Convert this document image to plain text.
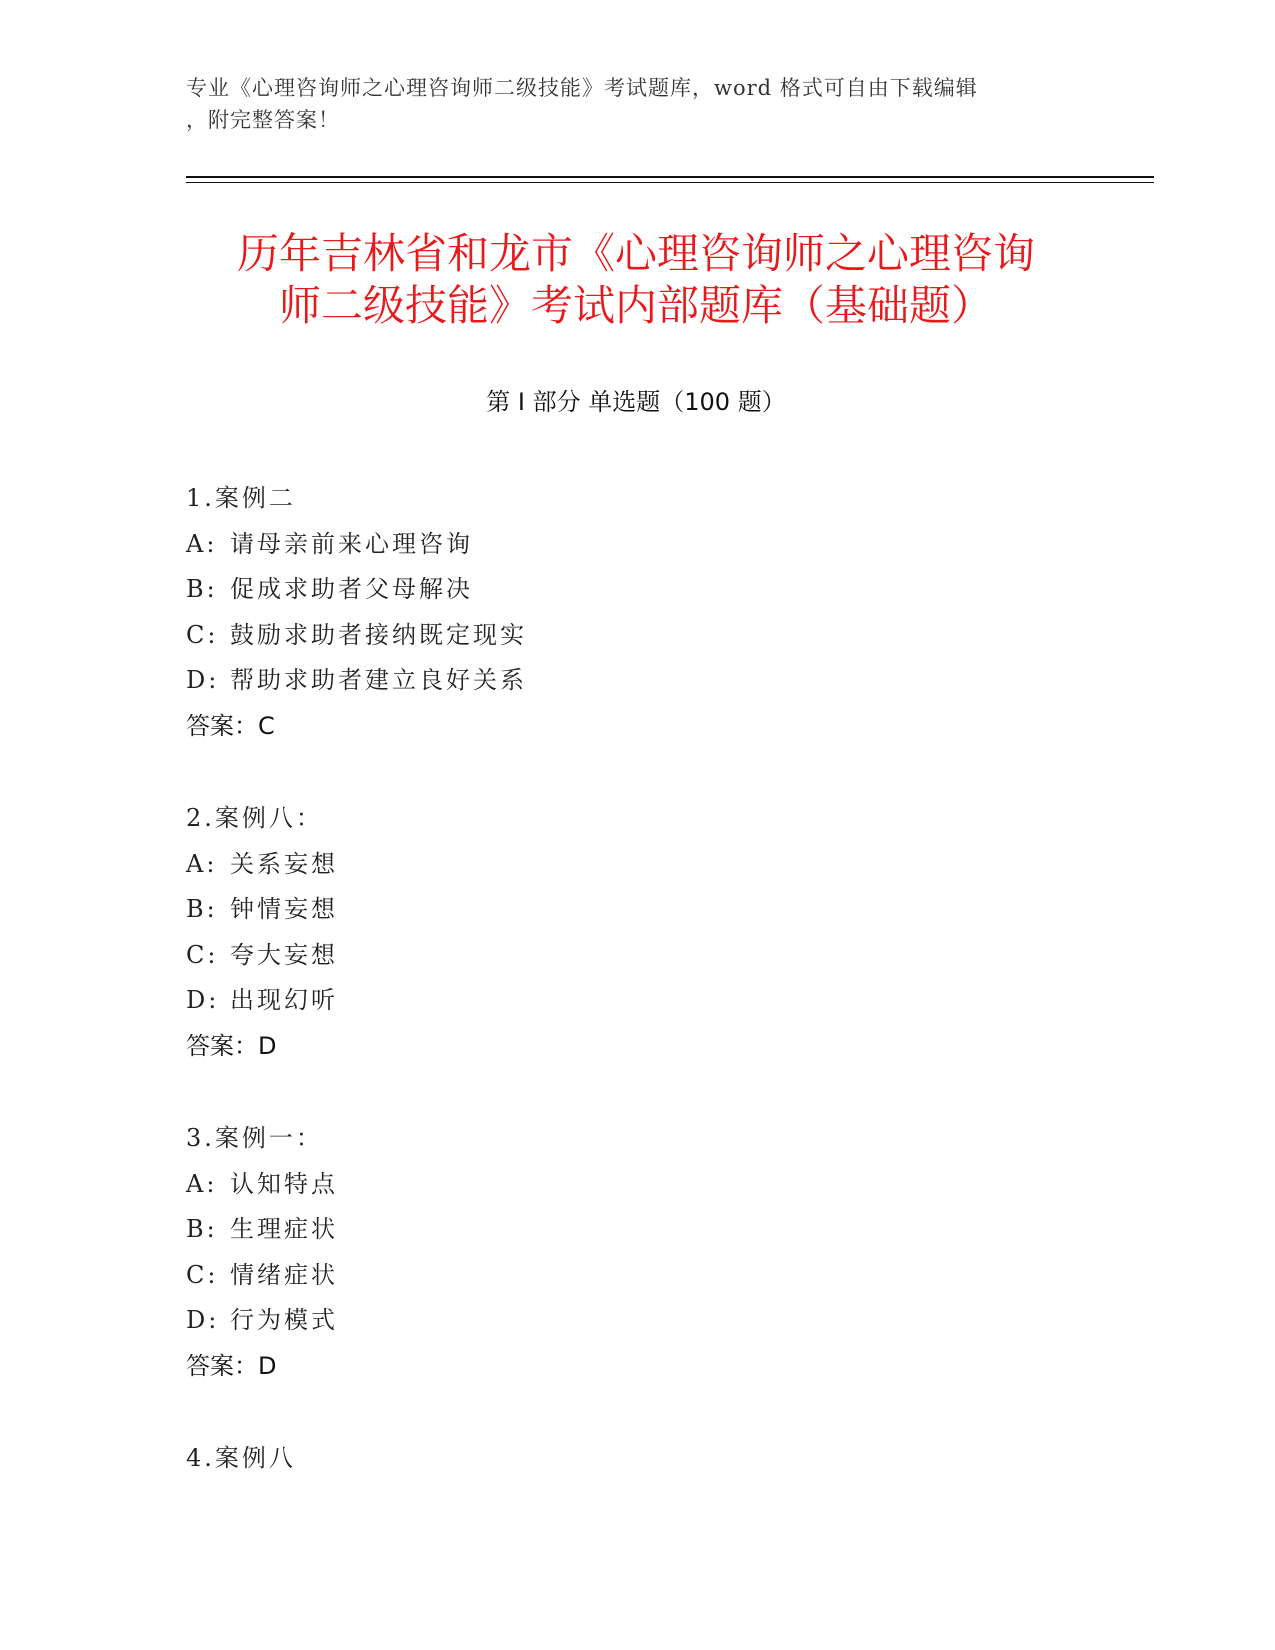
专业《心理咨询师之心理咨询师二级技能》考试题库，word 格式可自由下载编辑
，附完整答案！
历年吉林省和龙市《心理咨询师之心理咨询
师二级技能》考试内部题库（基础题）
第 I 部分 单选题（100 题）
1.案例二
A: 请母亲前来心理咨询
B: 促成求助者父母解决
C: 鼓励求助者接纳既定现实
D: 帮助求助者建立良好关系
答案：C
2.案例八：
A: 关系妄想
B: 钟情妄想
C: 夸大妄想
D: 出现幻听
答案：D
3.案例一：
A: 认知特点
B: 生理症状
C: 情绪症状
D: 行为模式
答案：D
4.案例八
